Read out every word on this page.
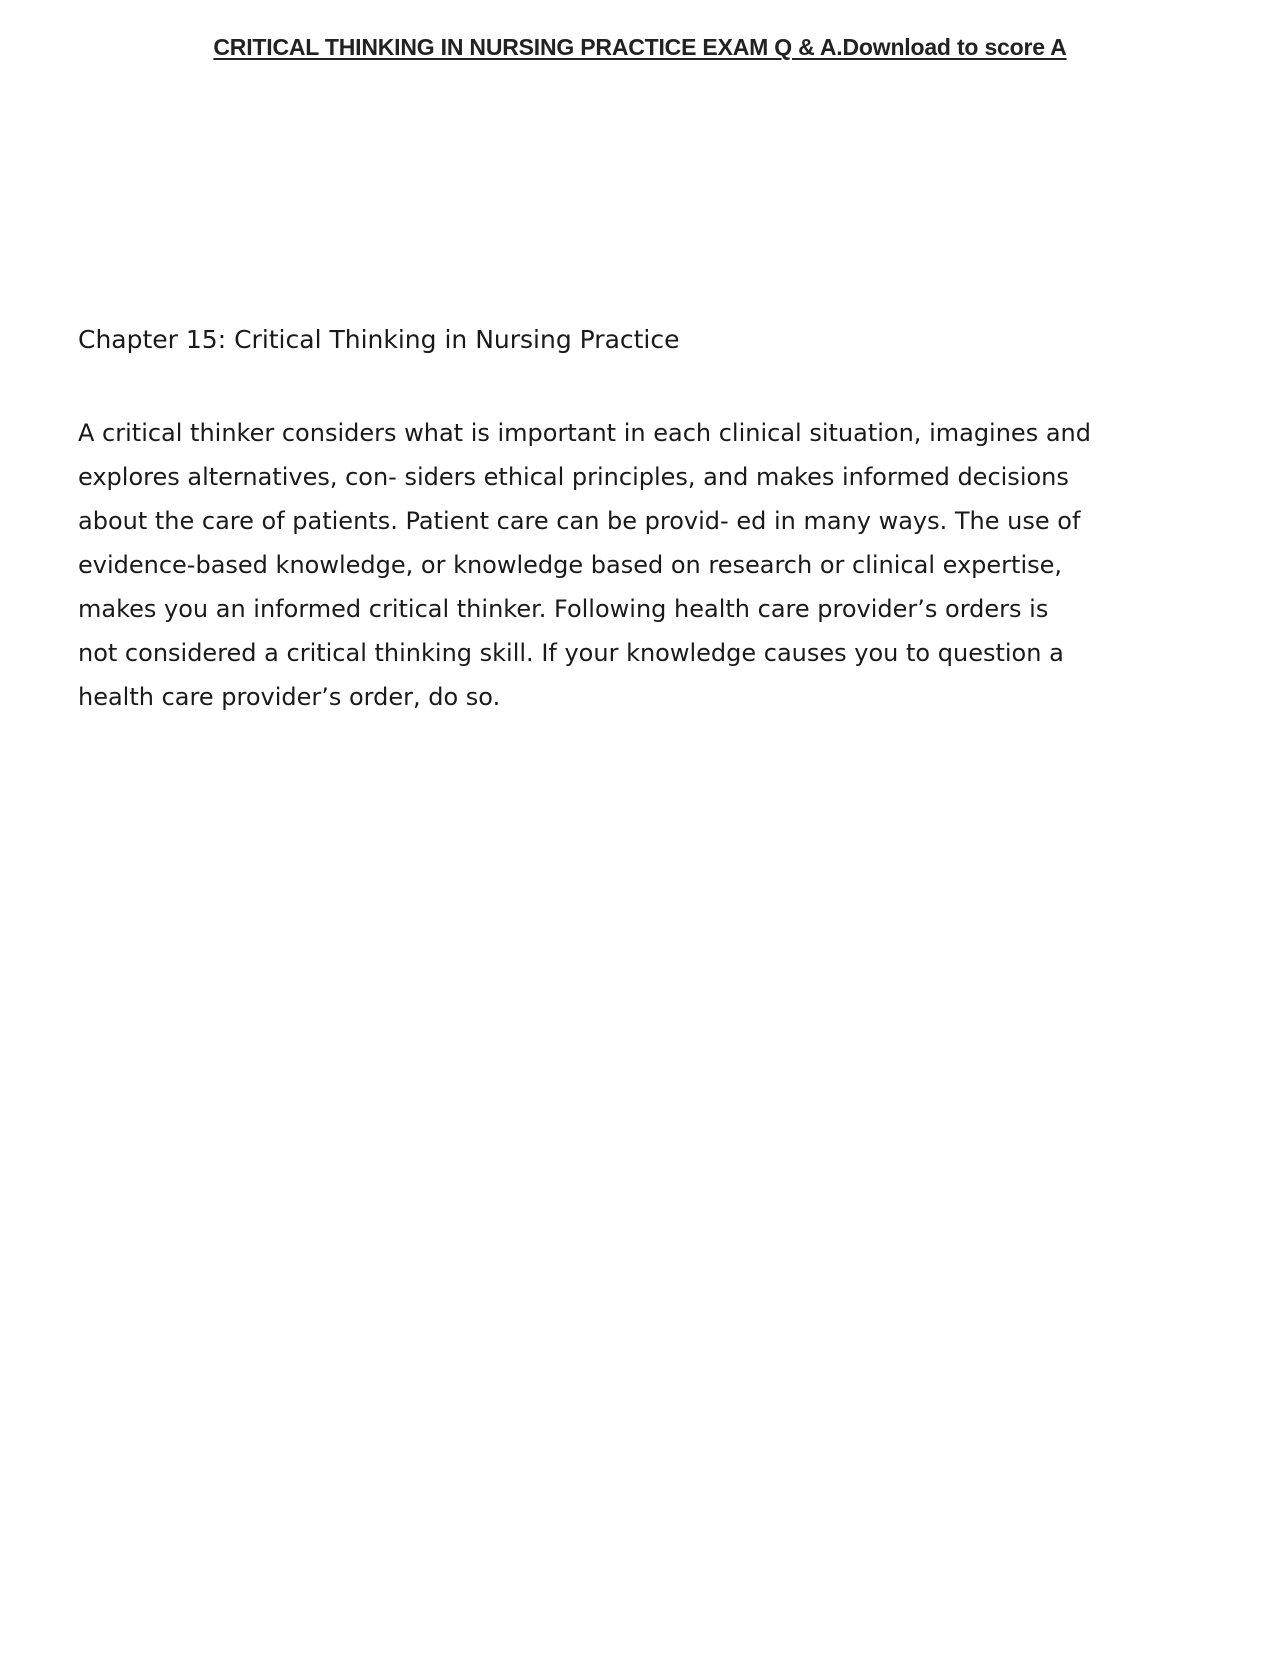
CRITICAL THINKING IN NURSING PRACTICE EXAM Q & A.Download to score A
Chapter 15: Critical Thinking in Nursing Practice

A critical thinker considers what is important in each clinical situation, imagines and
explores alternatives, con- siders ethical principles, and makes informed decisions
about the care of patients. Patient care can be provid- ed in many ways. The use of
evidence-based knowledge, or knowledge based on research or clinical expertise,
makes you an informed critical thinker. Following health care provider’s orders is
not considered a critical thinking skill. If your knowledge causes you to question a
health care provider’s order, do so.
